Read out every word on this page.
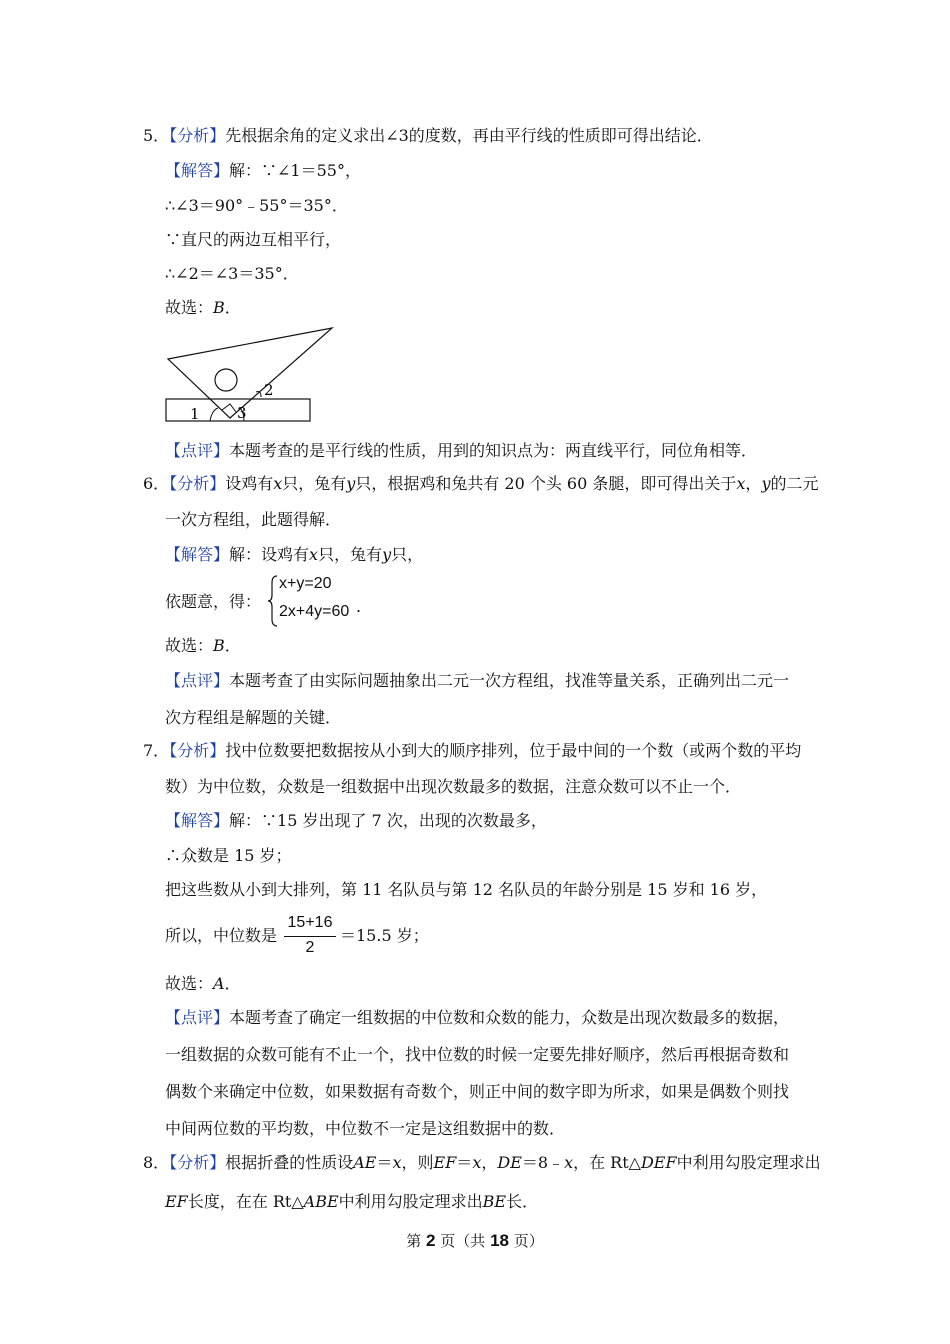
5．【分析】先根据余角的定义求出∠3的度数，再由平行线的性质即可得出结论．
【解答】解：∵∠1＝55°，
∴∠3＝90°﹣55°＝35°．
∵直尺的两边互相平行，
∴∠2＝∠3＝35°．
故选：B．
1
2
3
【点评】本题考查的是平行线的性质，用到的知识点为：两直线平行，同位角相等．
6．【分析】设鸡有x只，兔有y只，根据鸡和兔共有 20 个头 60 条腿，即可得出关于x，y的二元
一次方程组，此题得解．
【解答】解：设鸡有x只，兔有y只，
依题意，得：
x+y=20
2x+4y=60 .
故选：B．
【点评】本题考查了由实际问题抽象出二元一次方程组，找准等量关系，正确列出二元一
次方程组是解题的关键．
7．【分析】找中位数要把数据按从小到大的顺序排列，位于最中间的一个数（或两个数的平均
数）为中位数，众数是一组数据中出现次数最多的数据，注意众数可以不止一个．
【解答】解：∵15 岁出现了 7 次，出现的次数最多，
∴众数是 15 岁；
把这些数从小到大排列，第 11 名队员与第 12 名队员的年龄分别是 15 岁和 16 岁，
所以，中位数是
15+16
2
＝15.5 岁；
故选：A．
【点评】本题考查了确定一组数据的中位数和众数的能力，众数是出现次数最多的数据，
一组数据的众数可能有不止一个，找中位数的时候一定要先排好顺序，然后再根据奇数和
偶数个来确定中位数，如果数据有奇数个，则正中间的数字即为所求，如果是偶数个则找
中间两位数的平均数，中位数不一定是这组数据中的数．
8．【分析】根据折叠的性质设AE＝x，则EF＝x，DE＝8﹣x，在 Rt△DEF中利用勾股定理求出
EF长度，在在 Rt△ABE中利用勾股定理求出BE长．
第 2 页（共 18 页）
